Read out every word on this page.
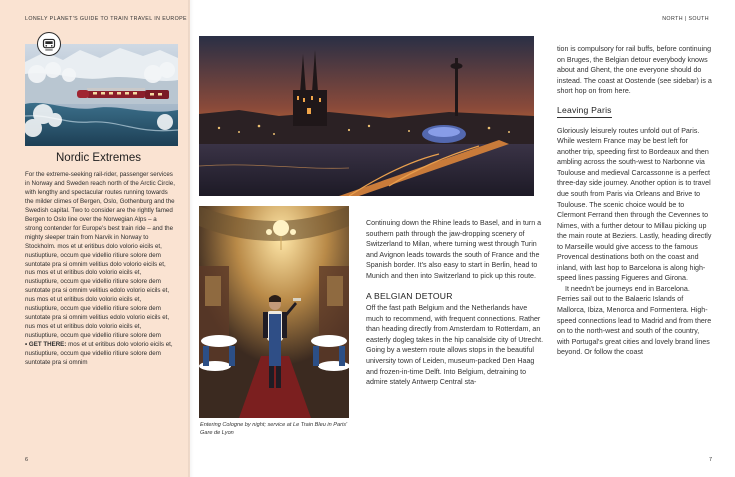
LONELY PLANET'S GUIDE TO TRAIN TRAVEL IN EUROPE	NORTH | SOUTH
Nordic Extremes

For the extreme-seeking rail-rider, passenger services in Norway and Sweden reach north of the Arctic Circle, with lengthy and spectacular routes running towards the milder climes of Bergen, Oslo, Gothenburg and the Swedish capital. Two to consider are the rightly famed Bergen to Oslo line over the Norwegian Alps – a strong contender for Europe's best train ride – and the mighty sleeper train from Narvik in Norway to Stockholm. mos et ut eritibus dolo volorio eicils et, nustiuptiure, occum que videllio ritiure solore dem suntotate pra si omnim velitius dolo volorio eicils et, nus mos et ut eritibus dolo volorio eicils et, nustiuptiure, occum que videllio ritiure solore dem suntotate pra si omnim velitius edolo volorio eicils et, nus mos et ut eritibus dolo volorio eicils et, nustiuptiure, occum que videllio ritiure solore dem suntotate pra si omnim velitius edolo volorio eicils et, nus mos et ut eritibus dolo volorio eicils et, nustiuptiure, occum que videllio ritiure solore dem

• GET THERE: mos et ut eritibus dolo volorio eicils et, nustiuptiure, occum que videllio ritiure solore dem suntotate pra si omnim

6
Entering Cologne by night; service at Le Train Bleu in Paris' Gare de Lyon

Continuing down the Rhine leads to Basel, and in turn a southern path through the jaw-dropping scenery of Switzerland to Milan, where turning west through Turin and Avignon leads towards the south of France and the Spanish border. It's also easy to start in Berlin, head to Munich and then into Switzerland to pick up this route.

A BELGIAN DETOUR

Off the fast path Belgium and the Netherlands have much to recommend, with frequent connections. Rather than heading directly from Amsterdam to Rotterdam, an easterly dogleg takes in the hip canalside city of Utrecht. Going by a western route allows stops in the beautiful university town of Leiden, museum-packed Den Haag and frozen-in-time Delft. Into Belgium, detraining to admire stately Antwerp Central sta-

tion is compulsory for rail buffs, before continuing on Bruges, the Belgian detour everybody knows about and Ghent, the one everyone should do instead. The coast at Oostende (see sidebar) is a short hop on from here.

Leaving Paris

Gloriously leisurely routes unfold out of Paris. While western France may be best left for another trip, speeding first to Bordeaux and then ambling across the south-west to Narbonne via Toulouse and medieval Carcassonne is a perfect three-day side journey. Another option is to travel due south from Paris via Orleans and Brive to Toulouse. The scenic choice would be to Clermont Ferrand then through the Cevennes to Nimes, with a further detour to Millau picking up the main route at Beziers. Lastly, heading directly to Marseille would give access to the famous Provencal destinations both on the coast and inland, with last hop to Barcelona is along high-speed lines passing Figueres and Girona.

It needn't be journeys end in Barcelona. Ferries sail out to the Balaeric Islands of Mallorca, Ibiza, Menorca and Formentera. High-speed connections lead to Madrid and from there on to the north-west and south of the country, with Portugal's great cities and lovely brand lines beyond. Or follow the coast

7
